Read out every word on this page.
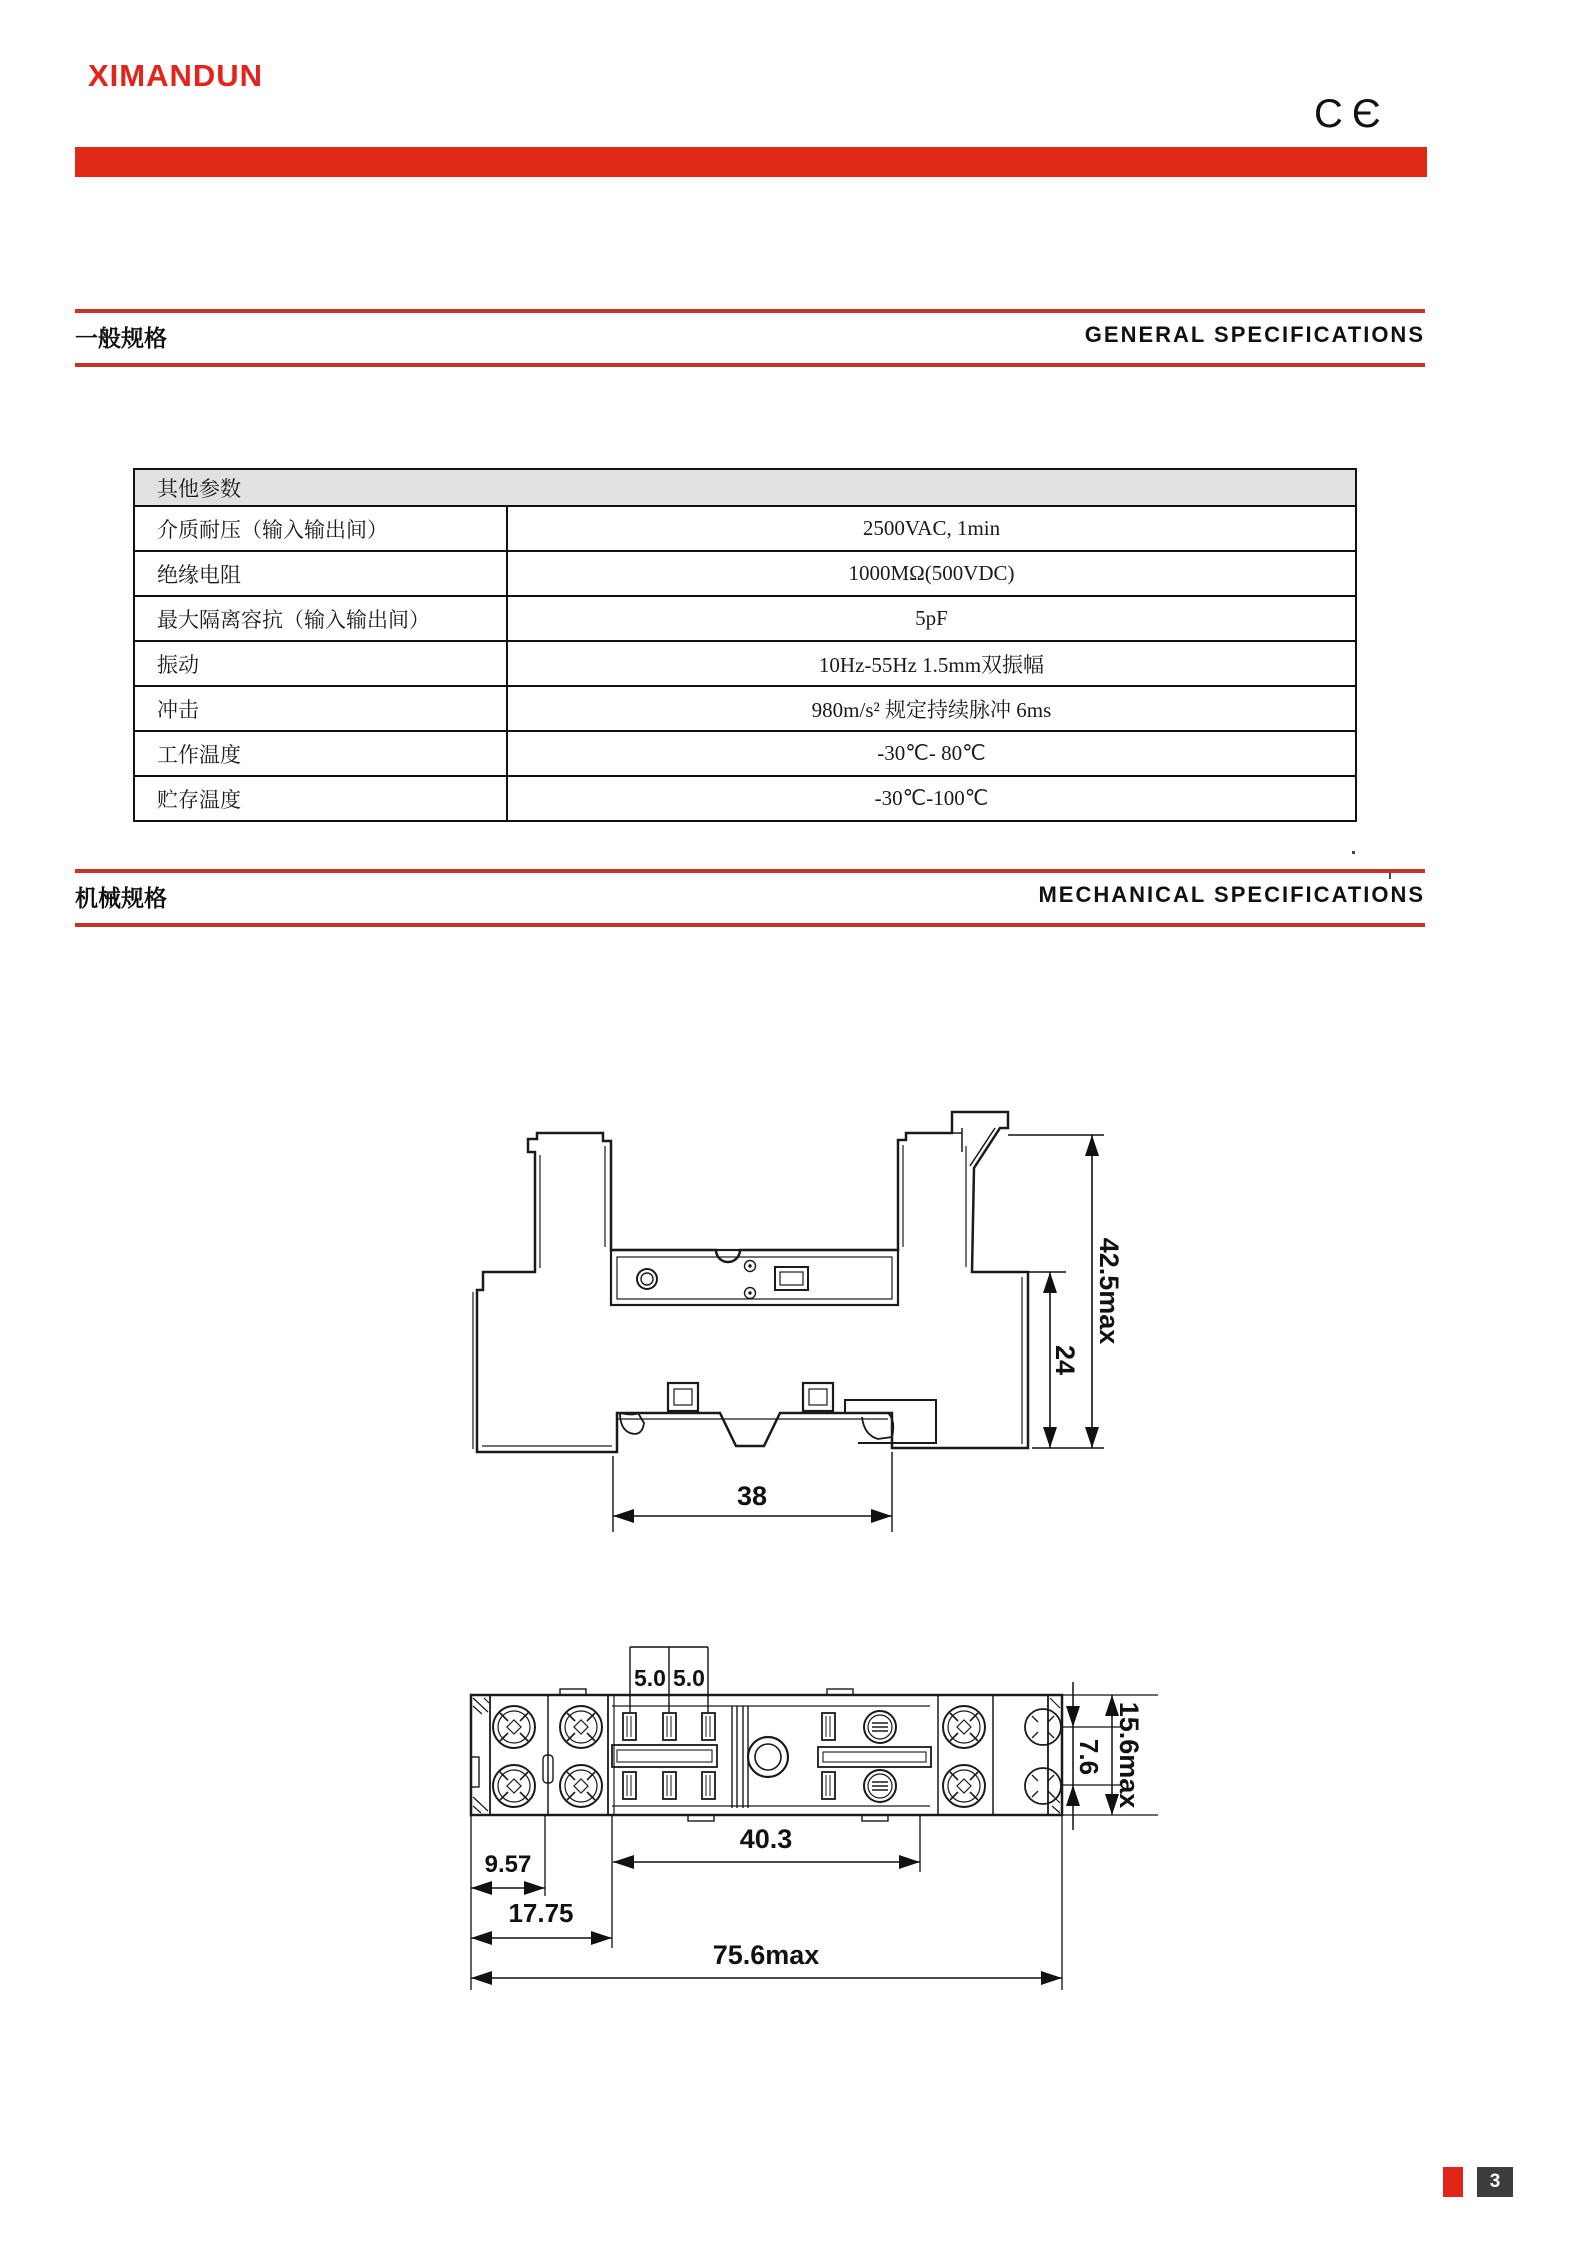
XIMANDUN
CЄ
一般规格	GENERAL SPECIFICATIONS
其他参数
介质耐压（输入输出间）	2500VAC, 1min
绝缘电阻	1000MΩ(500VDC)
最大隔离容抗（输入输出间）	5pF
振动	10Hz-55Hz 1.5mm双振幅
冲击	980m/s² 规定持续脉冲 6ms
工作温度	-30℃- 80℃
贮存温度	-30℃-100℃
机械规格	MECHANICAL SPECIFICATIONS
38
42.5max
24
5.0 5.0
7.6 15.6max
9.57
17.75
40.3
75.6max
3
